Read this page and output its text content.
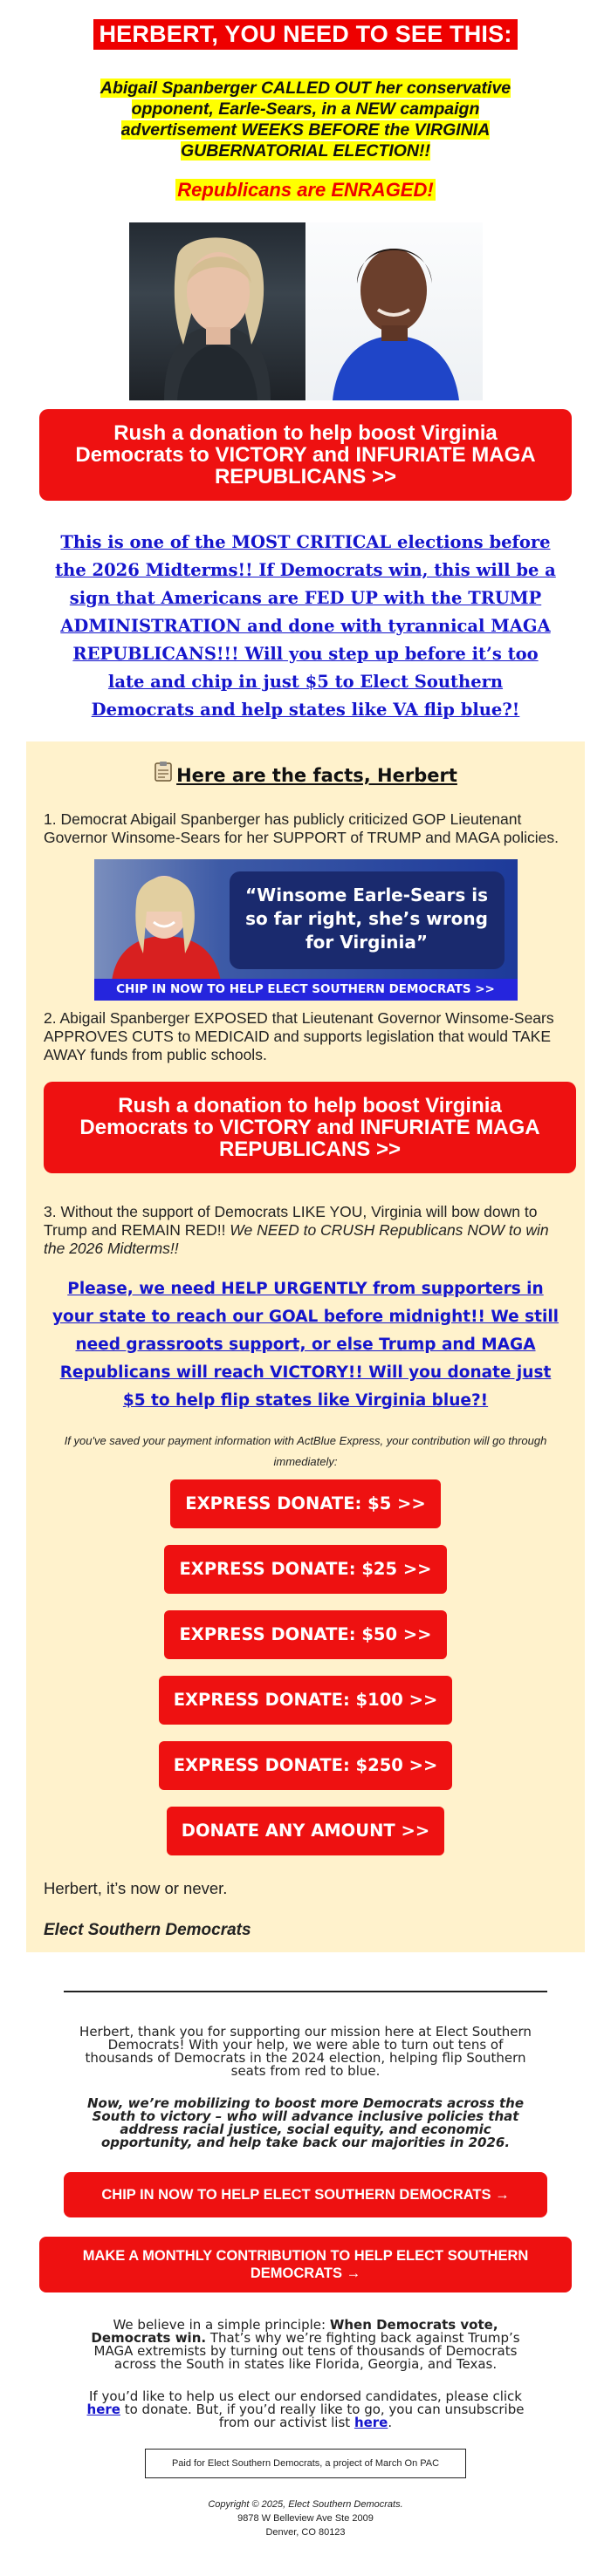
HERBERT, YOU NEED TO SEE THIS:
Abigail Spanberger CALLED OUT her conservative opponent, Earle-Sears, in a NEW campaign advertisement WEEKS BEFORE the VIRGINIA GUBERNATORIAL ELECTION!!
Republicans are ENRAGED!
Rush a donation to help boost Virginia Democrats to VICTORY and INFURIATE MAGA REPUBLICANS >>
This is one of the MOST CRITICAL elections before the 2026 Midterms!! If Democrats win, this will be a sign that Americans are FED UP with the TRUMP ADMINISTRATION and done with tyrannical MAGA REPUBLICANS!!! Will you step up before it’s too late and chip in just $5 to Elect Southern Democrats and help states like VA flip blue?!
Here are the facts, Herbert
1. Democrat Abigail Spanberger has publicly criticized GOP Lieutenant Governor Winsome-Sears for her SUPPORT of TRUMP and MAGA policies.
“Winsome Earle-Sears is so far right, she’s wrong for Virginia”
CHIP IN NOW TO HELP ELECT SOUTHERN DEMOCRATS >>
2. Abigail Spanberger EXPOSED that Lieutenant Governor Winsome-Sears APPROVES CUTS to MEDICAID and supports legislation that would TAKE AWAY funds from public schools.
Rush a donation to help boost Virginia Democrats to VICTORY and INFURIATE MAGA REPUBLICANS >>
3. Without the support of Democrats LIKE YOU, Virginia will bow down to Trump and REMAIN RED!! We NEED to CRUSH Republicans NOW to win the 2026 Midterms!!
Please, we need HELP URGENTLY from supporters in your state to reach our GOAL before midnight!! We still need grassroots support, or else Trump and MAGA Republicans will reach VICTORY!! Will you donate just $5 to help flip states like Virginia blue?!
If you've saved your payment information with ActBlue Express, your contribution will go through immediately:
EXPRESS DONATE: $5 >>
EXPRESS DONATE: $25 >>
EXPRESS DONATE: $50 >>
EXPRESS DONATE: $100 >>
EXPRESS DONATE: $250 >>
DONATE ANY AMOUNT >>
Herbert, it’s now or never.
Elect Southern Democrats
Herbert, thank you for supporting our mission here at Elect Southern Democrats! With your help, we were able to turn out tens of thousands of Democrats in the 2024 election, helping flip Southern seats from red to blue.
Now, we’re mobilizing to boost more Democrats across the South to victory – who will advance inclusive policies that address racial justice, social equity, and economic opportunity, and help take back our majorities in 2026.
CHIP IN NOW TO HELP ELECT SOUTHERN DEMOCRATS →
MAKE A MONTHLY CONTRIBUTION TO HELP ELECT SOUTHERN DEMOCRATS →
We believe in a simple principle: When Democrats vote, Democrats win. That’s why we’re fighting back against Trump’s MAGA extremists by turning out tens of thousands of Democrats across the South in states like Florida, Georgia, and Texas.
If you’d like to help us elect our endorsed candidates, please click here to donate. But, if you’d really like to go, you can unsubscribe from our activist list here.
Paid for Elect Southern Democrats, a project of March On PAC
Copyright © 2025, Elect Southern Democrats.
9878 W Belleview Ave Ste 2009
Denver, CO 80123
